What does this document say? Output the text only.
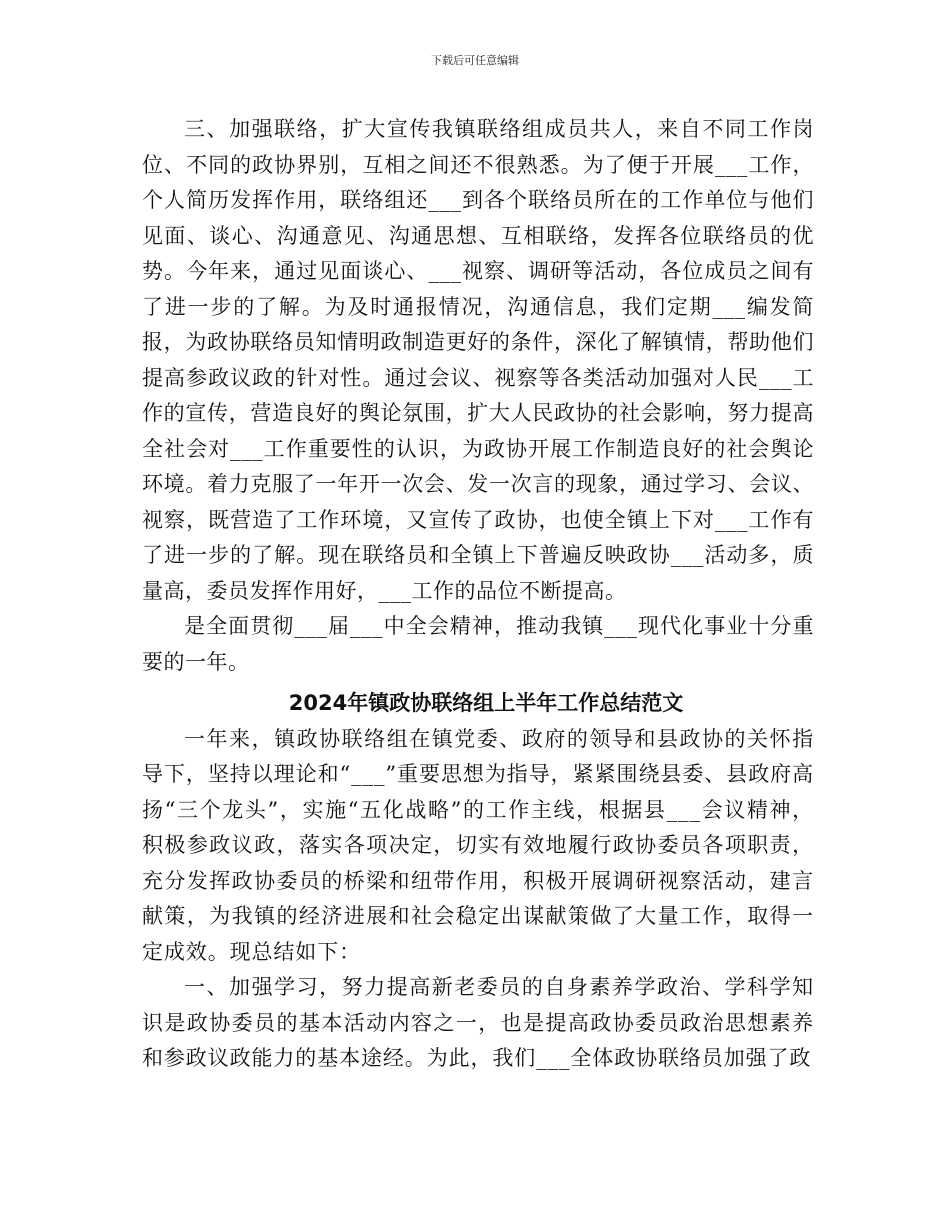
下载后可任意编辑

三、加强联络，扩大宣传我镇联络组成员共人，来自不同工作岗位、不同的政协界别，互相之间还不很熟悉。为了便于开展___工作，个人简历发挥作用，联络组还___到各个联络员所在的工作单位与他们见面、谈心、沟通意见、沟通思想、互相联络，发挥各位联络员的优势。今年来，通过见面谈心、___视察、调研等活动，各位成员之间有了进一步的了解。为及时通报情况，沟通信息，我们定期___编发简报，为政协联络员知情明政制造更好的条件，深化了解镇情，帮助他们提高参政议政的针对性。通过会议、视察等各类活动加强对人民___工作的宣传，营造良好的舆论氛围，扩大人民政协的社会影响，努力提高全社会对___工作重要性的认识，为政协开展工作制造良好的社会舆论环境。着力克服了一年开一次会、发一次言的现象，通过学习、会议、视察，既营造了工作环境，又宣传了政协，也使全镇上下对___工作有了进一步的了解。现在联络员和全镇上下普遍反映政协___活动多，质量高，委员发挥作用好，___工作的品位不断提高。

是全面贯彻___届___中全会精神，推动我镇___现代化事业十分重要的一年。

2024年镇政协联络组上半年工作总结范文

一年来，镇政协联络组在镇党委、政府的领导和县政协的关怀指导下，坚持以理论和“___”重要思想为指导，紧紧围绕县委、县政府高扬“三个龙头”，实施“五化战略”的工作主线，根据县___会议精神，积极参政议政，落实各项决定，切实有效地履行政协委员各项职责，充分发挥政协委员的桥梁和纽带作用，积极开展调研视察活动，建言献策，为我镇的经济进展和社会稳定出谋献策做了大量工作，取得一定成效。现总结如下：

一、加强学习，努力提高新老委员的自身素养学政治、学科学知识是政协委员的基本活动内容之一，也是提高政协委员政治思想素养和参政议政能力的基本途经。为此，我们___全体政协联络员加强了政
